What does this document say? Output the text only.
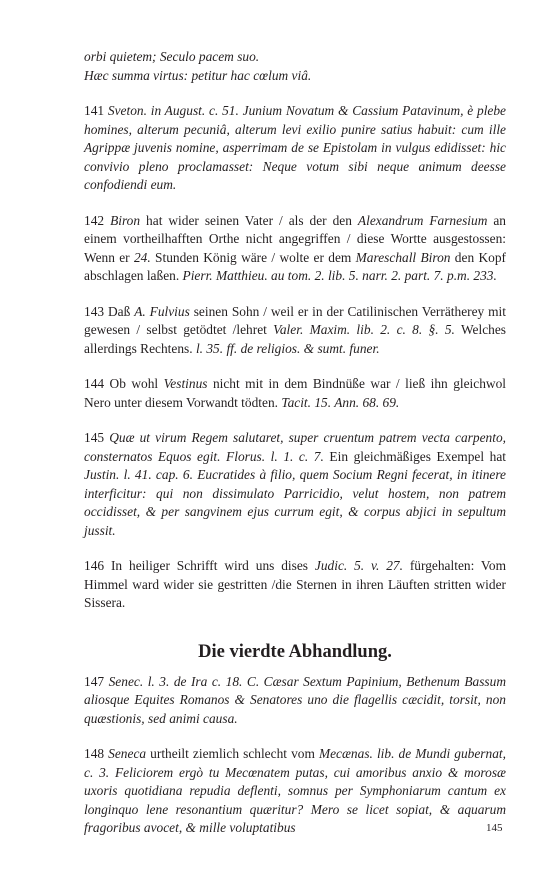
orbi quietem; Seculo pacem suo.
Hæc summa virtus: petitur hac cœlum viâ.

141 Sveton. in August. c. 51. Junium Novatum & Cassium Patavinum, è plebe homines, alterum pecuniâ, alterum levi exilio punire satius habuit: cum ille Agrippæ juvenis nomine, asperrimam de se Epistolam in vulgus edidisset: hic convivio pleno proclamasset: Neque votum sibi neque animum deesse confodiendi eum.

142 Biron hat wider seinen Vater / als der den Alexandrum Farnesium an einem vortheilhafften Orthe nicht angegriffen / diese Wortte ausgestossen: Wenn er 24. Stunden König wäre / wolte er dem Mareschall Biron den Kopf abschlagen laßen. Pierr. Matthieu. au tom. 2. lib. 5. narr. 2. part. 7. p.m. 233.

143 Daß A. Fulvius seinen Sohn / weil er in der Catilinischen Verrätherey mit gewesen / selbst getödtet /lehret Valer. Maxim. lib. 2. c. 8. §. 5. Welches allerdings Rechtens. l. 35. ff. de religios. & sumt. funer.

144 Ob wohl Vestinus nicht mit in dem Bindnüße war / ließ ihn gleichwol Nero unter diesem Vorwandt tödten. Tacit. 15. Ann. 68. 69.

145 Quæ ut virum Regem salutaret, super cruentum patrem vecta carpento, consternatos Equos egit. Florus. l. 1. c. 7. Ein gleichmäßiges Exempel hat Justin. l. 41. cap. 6. Eucratides à filio, quem Socium Regni fecerat, in itinere interficitur: qui non dissimulato Parricidio, velut hostem, non patrem occidisset, & per sangvinem ejus currum egit, & corpus abjici in sepultum jussit.

146 In heiliger Schrifft wird uns dises Judic. 5. v. 27. fürgehalten: Vom Himmel ward wider sie gestritten /die Sternen in ihren Läuften stritten wider Sissera.

Die vierdte Abhandlung.

147 Senec. l. 3. de Ira c. 18. C. Cæsar Sextum Papinium, Bethenum Bassum aliosque Equites Romanos & Senatores uno die flagellis cæcidit, torsit, non quæstionis, sed animi causa.

148 Seneca urtheilt ziemlich schlecht vom Mecænas. lib. de Mundi gubernat, c. 3. Feliciorem ergò tu Mecœnatem putas, cui amoribus anxio & morosæ uxoris quotidiana repudia deflenti, somnus per Symphoniarum cantum ex longinquo lene resonantium quæritur? Mero se licet sopiat, & aquarum fragoribus avocet, & mille voluptatibus	145
